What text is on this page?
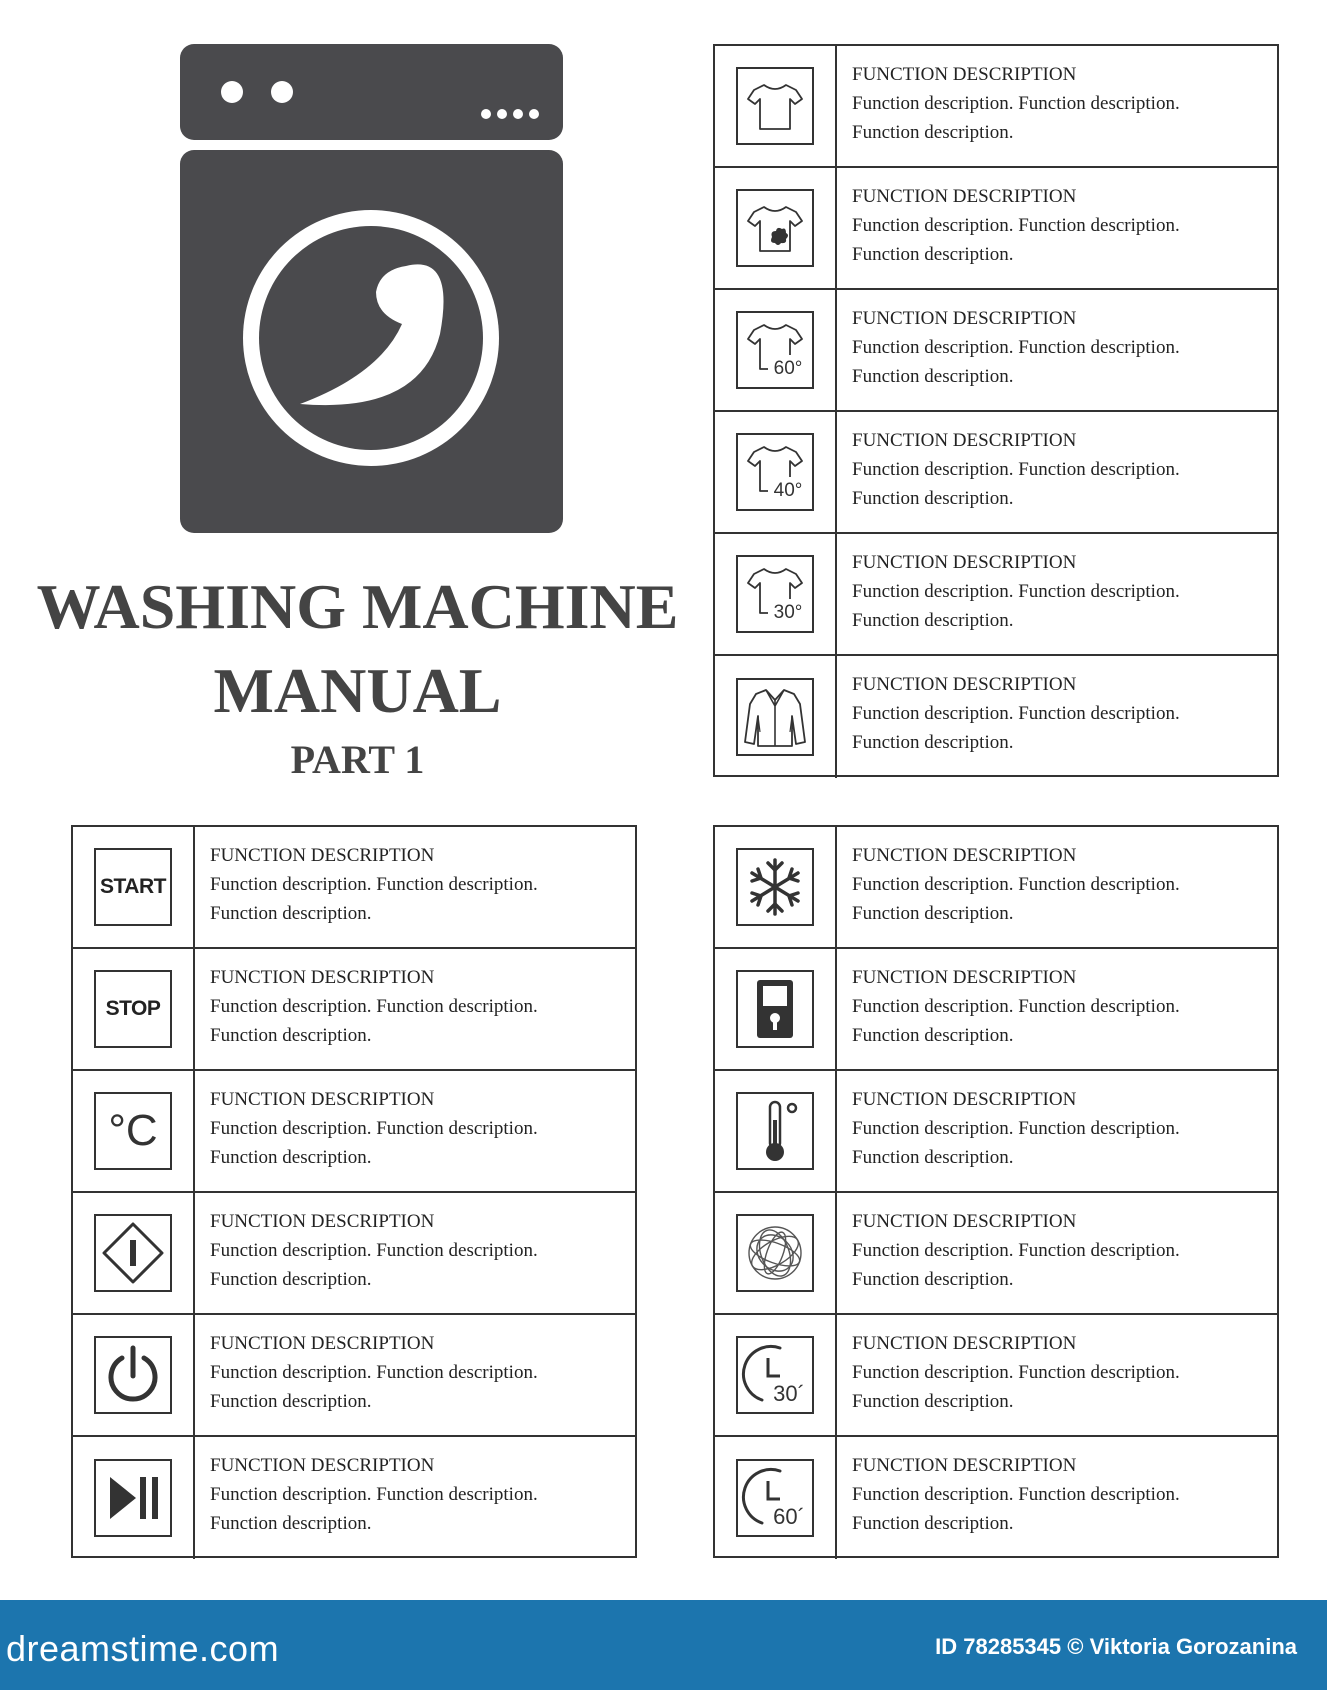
WASHING MACHINE
MANUAL
PART 1
FUNCTION DESCRIPTION
Function description. Function description. Function description.
FUNCTION DESCRIPTION
Function description. Function description. Function description.
60°
FUNCTION DESCRIPTION
Function description. Function description. Function description.
40°
FUNCTION DESCRIPTION
Function description. Function description. Function description.
30°
FUNCTION DESCRIPTION
Function description. Function description. Function description.
FUNCTION DESCRIPTION
Function description. Function description. Function description.
START
FUNCTION DESCRIPTION
Function description. Function description. Function description.
STOP
FUNCTION DESCRIPTION
Function description. Function description. Function description.
°C
FUNCTION DESCRIPTION
Function description. Function description. Function description.
FUNCTION DESCRIPTION
Function description. Function description. Function description.
FUNCTION DESCRIPTION
Function description. Function description. Function description.
FUNCTION DESCRIPTION
Function description. Function description. Function description.
FUNCTION DESCRIPTION
Function description. Function description. Function description.
FUNCTION DESCRIPTION
Function description. Function description. Function description.
FUNCTION DESCRIPTION
Function description. Function description. Function description.
FUNCTION DESCRIPTION
Function description. Function description. Function description.
30´
FUNCTION DESCRIPTION
Function description. Function description. Function description.
60´
FUNCTION DESCRIPTION
Function description. Function description. Function description.
dreamstime.com	ID 78285345 © Viktoria Gorozanina
